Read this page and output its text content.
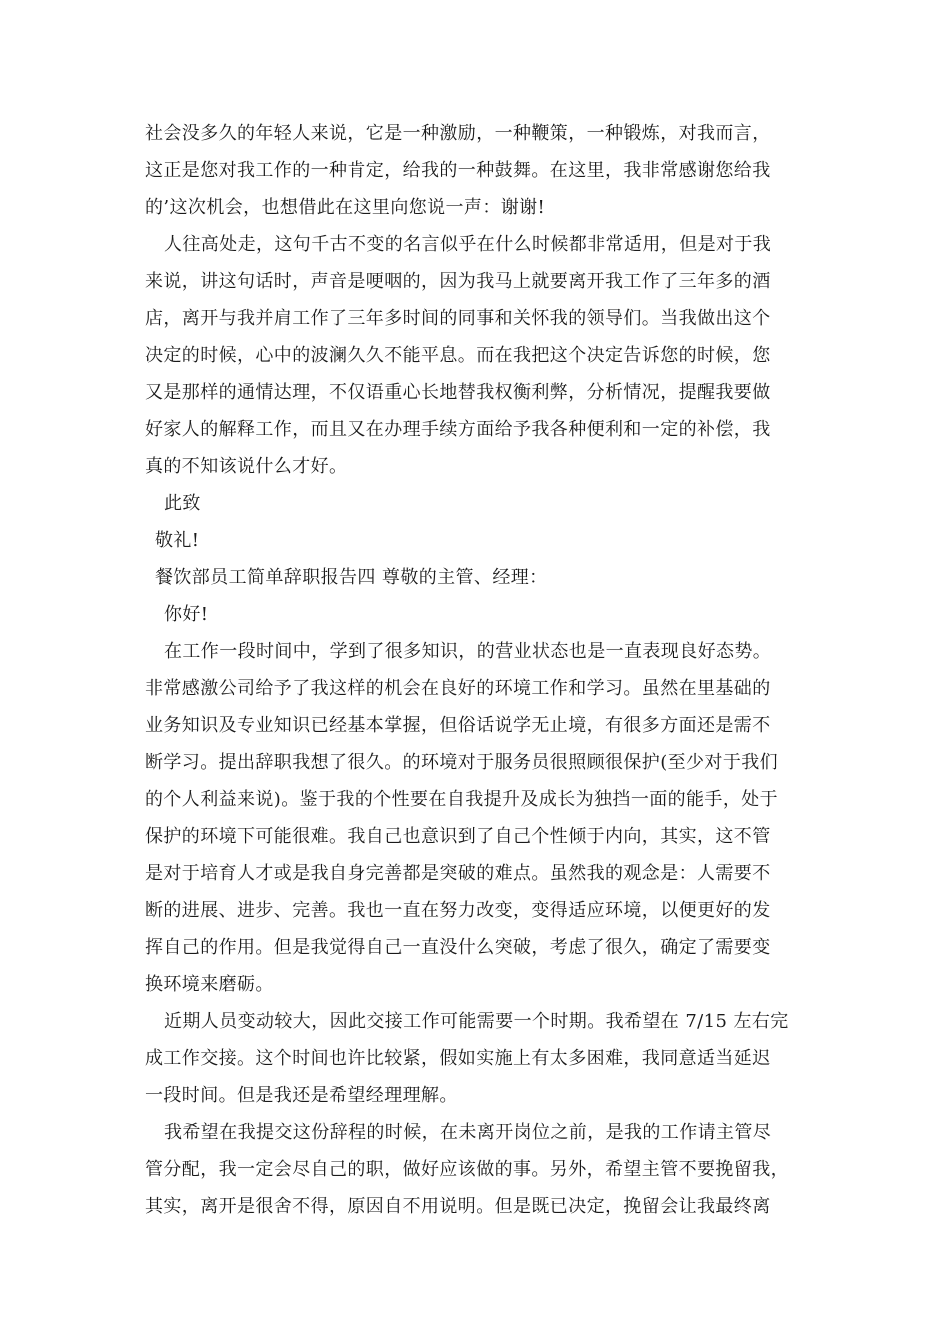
社会没多久的年轻人来说，它是一种激励，一种鞭策，一种锻炼，对我而言，
这正是您对我工作的一种肯定，给我的一种鼓舞。在这里，我非常感谢您给我
的’这次机会，也想借此在这里向您说一声：谢谢!
人往高处走，这句千古不变的名言似乎在什么时候都非常适用，但是对于我
来说，讲这句话时，声音是哽咽的，因为我马上就要离开我工作了三年多的酒
店，离开与我并肩工作了三年多时间的同事和关怀我的领导们。当我做出这个
决定的时候，心中的波澜久久不能平息。而在我把这个决定告诉您的时候，您
又是那样的通情达理，不仅语重心长地替我权衡利弊，分析情况，提醒我要做
好家人的解释工作，而且又在办理手续方面给予我各种便利和一定的补偿，我
真的不知该说什么才好。
此致
敬礼!
餐饮部员工简单辞职报告四 尊敬的主管、经理：
你好!
在工作一段时间中，学到了很多知识，的营业状态也是一直表现良好态势。
非常感激公司给予了我这样的机会在良好的环境工作和学习。虽然在里基础的
业务知识及专业知识已经基本掌握，但俗话说学无止境，有很多方面还是需不
断学习。提出辞职我想了很久。的环境对于服务员很照顾很保护(至少对于我们
的个人利益来说)。鉴于我的个性要在自我提升及成长为独挡一面的能手，处于
保护的环境下可能很难。我自己也意识到了自己个性倾于内向，其实，这不管
是对于培育人才或是我自身完善都是突破的难点。虽然我的观念是：人需要不
断的进展、进步、完善。我也一直在努力改变，变得适应环境，以便更好的发
挥自己的作用。但是我觉得自己一直没什么突破，考虑了很久，确定了需要变
换环境来磨砺。
近期人员变动较大，因此交接工作可能需要一个时期。我希望在 7/15 左右完
成工作交接。这个时间也许比较紧，假如实施上有太多困难，我同意适当延迟
一段时间。但是我还是希望经理理解。
我希望在我提交这份辞程的时候，在未离开岗位之前，是我的工作请主管尽
管分配，我一定会尽自己的职，做好应该做的事。另外，希望主管不要挽留我，
其实，离开是很舍不得，原因自不用说明。但是既已决定，挽留会让我最终离
